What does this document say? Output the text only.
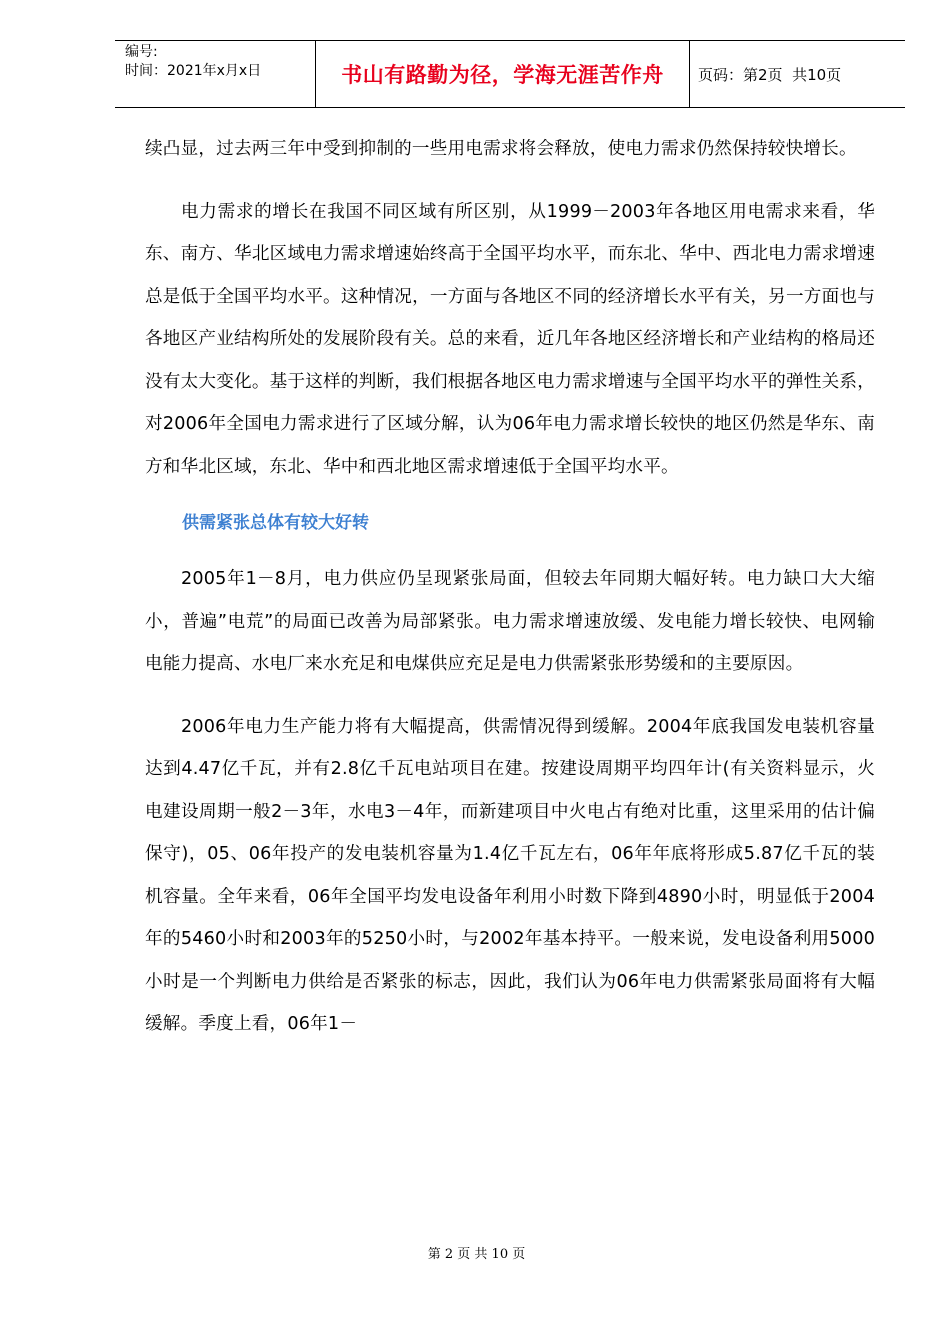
编号:
时间：2021年x月x日	书山有路勤为径，学海无涯苦作舟	页码：第2页  共10页

续凸显，过去两三年中受到抑制的一些用电需求将会释放，使电力需求仍然保持较快增长。

电力需求的增长在我国不同区域有所区别，从1999－2003年各地区用电需求来看，华东、南方、华北区域电力需求增速始终高于全国平均水平，而东北、华中、西北电力需求增速总是低于全国平均水平。这种情况，一方面与各地区不同的经济增长水平有关，另一方面也与各地区产业结构所处的发展阶段有关。总的来看，近几年各地区经济增长和产业结构的格局还没有太大变化。基于这样的判断，我们根据各地区电力需求增速与全国平均水平的弹性关系，对2006年全国电力需求进行了区域分解，认为06年电力需求增长较快的地区仍然是华东、南方和华北区域，东北、华中和西北地区需求增速低于全国平均水平。

供需紧张总体有较大好转

2005年1－8月，电力供应仍呈现紧张局面，但较去年同期大幅好转。电力缺口大大缩小，普遍”电荒”的局面已改善为局部紧张。电力需求增速放缓、发电能力增长较快、电网输电能力提高、水电厂来水充足和电煤供应充足是电力供需紧张形势缓和的主要原因。

2006年电力生产能力将有大幅提高，供需情况得到缓解。2004年底我国发电装机容量达到4.47亿千瓦，并有2.8亿千瓦电站项目在建。按建设周期平均四年计(有关资料显示，火电建设周期一般2－3年，水电3－4年，而新建项目中火电占有绝对比重，这里采用的估计偏保守)，05、06年投产的发电装机容量为1.4亿千瓦左右，06年年底将形成5.87亿千瓦的装机容量。全年来看，06年全国平均发电设备年利用小时数下降到4890小时，明显低于2004年的5460小时和2003年的5250小时，与2002年基本持平。一般来说，发电设备利用5000小时是一个判断电力供给是否紧张的标志，因此，我们认为06年电力供需紧张局面将有大幅缓解。季度上看，06年1－

第 2 页 共 10 页
